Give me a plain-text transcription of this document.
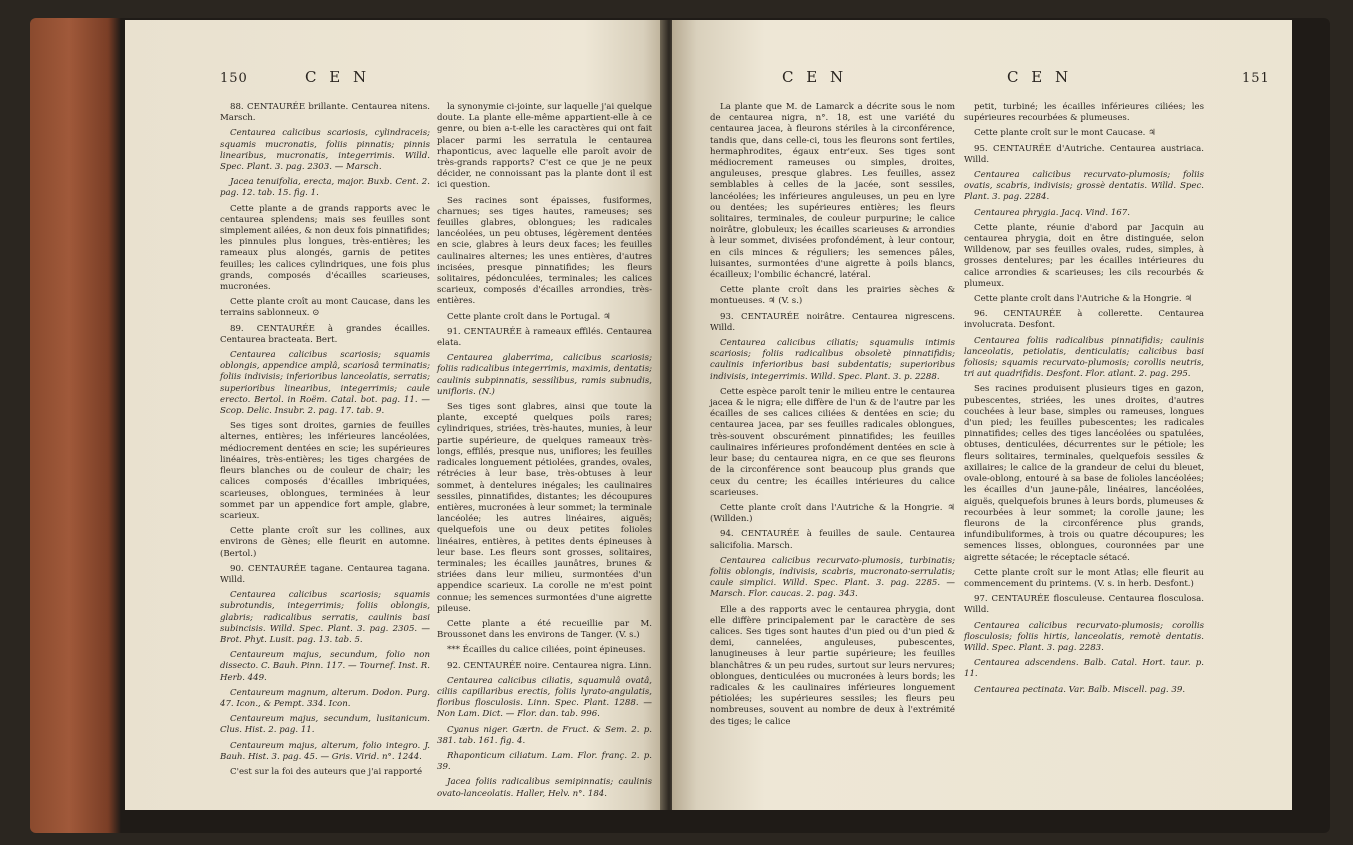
150	C E N

88. CENTAURÉE brillante. Centaurea nitens. Marsch.

Centaurea calicibus scariosis, cylindraceis; squamis mucronatis, foliis pinnatis; pinnis linearibus, mucronatis, integerrimis. Willd. Spec. Plant. 3. pag. 2303. — Marsch.

Jacea tenuifolia, erecta, major. Buxb. Cent. 2. pag. 12. tab. 15. fig. 1.

Cette plante a de grands rapports avec le centaurea splendens; mais ses feuilles sont simplement ailées, & non deux fois pinnatifides; les pinnules plus longues, très-entières; les rameaux plus alongés, garnis de petites feuilles; les calices cylindriques, une fois plus grands, composés d'écailles scarieuses, mucronées.

Cette plante croît au mont Caucase, dans les terrains sablonneux. ⊙

89. CENTAURÉE à grandes écailles. Centaurea bracteata. Bert.

Centaurea calicibus scariosis; squamis oblongis, appendice amplâ, scariosâ terminatis; foliis indivisis; inferioribus lanceolatis, serratis; superioribus linearibus, integerrimis; caule erecto. Bertol. in Roëm. Catal. bot. pag. 11. — Scop. Delic. Insubr. 2. pag. 17. tab. 9.

Ses tiges sont droites, garnies de feuilles alternes, entières; les inférieures lancéolées, médiocrement dentées en scie; les supérieures linéaires, très-entières; les tiges chargées de fleurs blanches ou de couleur de chair; les calices composés d'écailles imbriquées, scarieuses, oblongues, terminées à leur sommet par un appendice fort ample, glabre, scarieux.

Cette plante croît sur les collines, aux environs de Gènes; elle fleurit en automne. (Bertol.)

90. CENTAURÉE tagane. Centaurea tagana. Willd.

Centaurea calicibus scariosis; squamis subrotundis, integerrimis; foliis oblongis, glabris; radicalibus serratis, caulinis basi subincisis. Willd. Spec. Plant. 3. pag. 2305. — Brot. Phyt. Lusit. pag. 13. tab. 5.

Centaureum majus, secundum, folio non dissecto. C. Bauh. Pinn. 117. — Tournef. Inst. R. Herb. 449.

Centaureum magnum, alterum. Dodon. Purg. 47. Icon., & Pempt. 334. Icon.

Centaureum majus, secundum, lusitanicum. Clus. Hist. 2. pag. 11.

Centaureum majus, alterum, folio integro. J. Bauh. Hist. 3. pag. 45. — Gris. Virid. n°. 1244.

C'est sur la foi des auteurs que j'ai rapporté

la synonymie ci-jointe, sur laquelle j'ai quelque doute. La plante elle-même appartient-elle à ce genre, ou bien a-t-elle les caractères qui ont fait placer parmi les serratula le centaurea rhaponticus, avec laquelle elle paroît avoir de très-grands rapports? C'est ce que je ne peux décider, ne connoissant pas la plante dont il est ici question.

Ses racines sont épaisses, fusiformes, charnues; ses tiges hautes, rameuses; ses feuilles glabres, oblongues; les radicales lancéolées, un peu obtuses, légèrement dentées en scie, glabres à leurs deux faces; les feuilles caulinaires alternes; les unes entières, d'autres incisées, presque pinnatifides; les fleurs solitaires, pédonculées, terminales; les calices scarieux, composés d'écailles arrondies, très-entières.

Cette plante croît dans le Portugal. ♃

91. CENTAURÉE à rameaux effilés. Centaurea elata.

Centaurea glaberrima, calicibus scariosis; foliis radicalibus integerrimis, maximis, dentatis; caulinis subpinnatis, sessilibus, ramis subnudis, unifloris. (N.)

Ses tiges sont glabres, ainsi que toute la plante, excepté quelques poils rares; cylindriques, striées, très-hautes, munies, à leur partie supérieure, de quelques rameaux très-longs, effilés, presque nus, uniflores; les feuilles radicales longuement pétiolées, grandes, ovales, rétrécies à leur base, très-obtuses à leur sommet, à dentelures inégales; les caulinaires sessiles, pinnatifides, distantes; les découpures entières, mucronées à leur sommet; la terminale lancéolée; les autres linéaires, aiguës; quelquefois une ou deux petites folioles linéaires, entières, à petites dents épineuses à leur base. Les fleurs sont grosses, solitaires, terminales; les écailles jaunâtres, brunes & striées dans leur milieu, surmontées d'un appendice scarieux. La corolle ne m'est point connue; les semences surmontées d'une aigrette pileuse.

Cette plante a été recueillie par M. Broussonet dans les environs de Tanger. (V. s.)

*** Écailles du calice ciliées, point épineuses.

92. CENTAURÉE noire. Centaurea nigra. Linn.

Centaurea calicibus ciliatis, squamulâ ovatâ, ciliis capillaribus erectis, foliis lyrato-angulatis, floribus flosculosis. Linn. Spec. Plant. 1288. — Non Lam. Dict. — Flor. dan. tab. 996.

Cyanus niger. Gærtn. de Fruct. & Sem. 2. p. 381. tab. 161. fig. 4.

Rhaponticum ciliatum. Lam. Flor. franç. 2. p. 39.

Jacea foliis radicalibus semipinnatis; caulinis ovato-lanceolatis. Haller, Helv. n°. 184.

C E N	C E N	151

La plante que M. de Lamarck a décrite sous le nom de centaurea nigra, n°. 18, est une variété du centaurea jacea, à fleurons stériles à la circonférence, tandis que, dans celle-ci, tous les fleurons sont fertiles, hermaphrodites, égaux entr'eux. Ses tiges sont médiocrement rameuses ou simples, droites, anguleuses, presque glabres. Les feuilles, assez semblables à celles de la jacée, sont sessiles, lancéolées; les inférieures anguleuses, un peu en lyre ou dentées; les supérieures entières; les fleurs solitaires, terminales, de couleur purpurine; le calice noirâtre, globuleux; les écailles scarieuses & arrondies à leur sommet, divisées profondément, à leur contour, en cils minces & réguliers; les semences pâles, luisantes, surmontées d'une aigrette à poils blancs, écailleux; l'ombilic échancré, latéral.

Cette plante croît dans les prairies sèches & montueuses. ♃ (V. s.)

93. CENTAURÉE noirâtre. Centaurea nigrescens. Willd.

Centaurea calicibus ciliatis; squamulis intimis scariosis; foliis radicalibus obsoletè pinnatifidis; caulinis inferioribus basi subdentatis; superioribus indivisis, integerrimis. Willd. Spec. Plant. 3. p. 2288.

Cette espèce paroît tenir le milieu entre le centaurea jacea & le nigra; elle diffère de l'un & de l'autre par les écailles de ses calices ciliées & dentées en scie; du centaurea jacea, par ses feuilles radicales oblongues, très-souvent obscurément pinnatifides; les feuilles caulinaires inférieures profondément dentées en scie à leur base; du centaurea nigra, en ce que ses fleurons de la circonférence sont beaucoup plus grands que ceux du centre; les écailles intérieures du calice scarieuses.

Cette plante croît dans l'Autriche & la Hongrie. ♃ (Willden.)

94. CENTAURÉE à feuilles de saule. Centaurea salicifolia. Marsch.

Centaurea calicibus recurvato-plumosis, turbinatis; foliis oblongis, indivisis, scabris, mucronato-serrulatis; caule simplici. Willd. Spec. Plant. 3. pag. 2285. — Marsch. Flor. caucas. 2. pag. 343.

Elle a des rapports avec le centaurea phrygia, dont elle diffère principalement par le caractère de ses calices. Ses tiges sont hautes d'un pied ou d'un pied & demi, cannelées, anguleuses, pubescentes, lanugineuses à leur partie supérieure; les feuilles blanchâtres & un peu rudes, surtout sur leurs nervures; oblongues, denticulées ou mucronées à leurs bords; les radicales & les caulinaires inférieures longuement pétiolées; les supérieures sessiles; les fleurs peu nombreuses, souvent au nombre de deux à l'extrémité des tiges; le calice

petit, turbiné; les écailles inférieures ciliées; les supérieures recourbées & plumeuses.

Cette plante croît sur le mont Caucase. ♃

95. CENTAURÉE d'Autriche. Centaurea austriaca. Willd.

Centaurea calicibus recurvato-plumosis; foliis ovatis, scabris, indivisis; grossè dentatis. Willd. Spec. Plant. 3. pag. 2284.

Centaurea phrygia. Jacq. Vind. 167.

Cette plante, réunie d'abord par Jacquin au centaurea phrygia, doit en être distinguée, selon Willdenow, par ses feuilles ovales, rudes, simples, à grosses dentelures; par les écailles intérieures du calice arrondies & scarieuses; les cils recourbés & plumeux.

Cette plante croît dans l'Autriche & la Hongrie. ♃

96. CENTAURÉE à collerette. Centaurea involucrata. Desfont.

Centaurea foliis radicalibus pinnatifidis; caulinis lanceolatis, petiolatis, denticulatis; calicibus basi foliosis; squamis recurvato-plumosis; corollis neutris, tri aut quadrifidis. Desfont. Flor. atlant. 2. pag. 295.

Ses racines produisent plusieurs tiges en gazon, pubescentes, striées, les unes droites, d'autres couchées à leur base, simples ou rameuses, longues d'un pied; les feuilles pubescentes; les radicales pinnatifides; celles des tiges lancéolées ou spatulées, obtuses, denticulées, décurrentes sur le pétiole; les fleurs solitaires, terminales, quelquefois sessiles & axillaires; le calice de la grandeur de celui du bleuet, ovale-oblong, entouré à sa base de folioles lancéolées; les écailles d'un jaune-pâle, linéaires, lancéolées, aiguës, quelquefois brunes à leurs bords, plumeuses & recourbées à leur sommet; la corolle jaune; les fleurons de la circonférence plus grands, infundibuliformes, à trois ou quatre découpures; les semences lisses, oblongues, couronnées par une aigrette sétacée; le réceptacle sétacé.

Cette plante croît sur le mont Atlas; elle fleurit au commencement du printems. (V. s. in herb. Desfont.)

97. CENTAURÉE flosculeuse. Centaurea flosculosa. Willd.

Centaurea calicibus recurvato-plumosis; corollis flosculosis; foliis hirtis, lanceolatis, remotè dentatis. Willd. Spec. Plant. 3. pag. 2283.

Centaurea adscendens. Balb. Catal. Hort. taur. p. 11.

Centaurea pectinata. Var. Balb. Miscell. pag. 39.
